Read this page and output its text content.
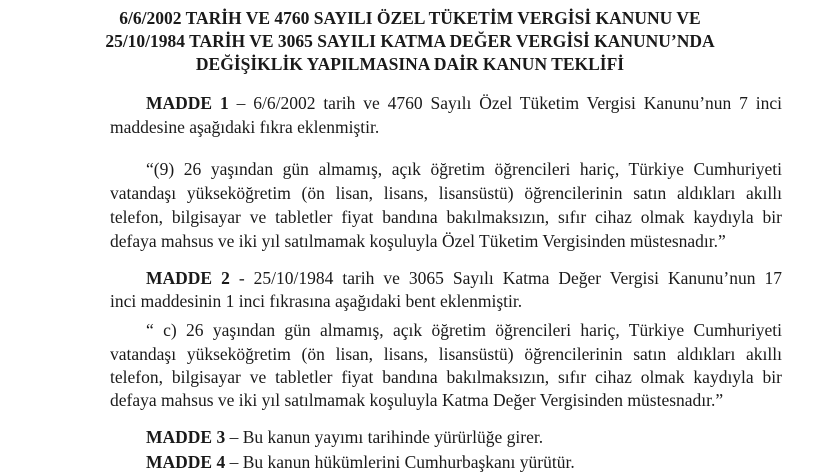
6/6/2002 TARİH VE 4760 SAYILI ÖZEL TÜKETİM VERGİSİ KANUNU VE
25/10/1984 TARİH VE 3065 SAYILI KATMA DEĞER VERGİSİ KANUNU’NDA
DEĞİŞİKLİK YAPILMASINA DAİR KANUN TEKLİFİ
MADDE 1 – 6/6/2002 tarih ve 4760 Sayılı Özel Tüketim Vergisi Kanunu’nun 7 inci
maddesine aşağıdaki fıkra eklenmiştir.
“(9) 26 yaşından gün almamış, açık öğretim öğrencileri hariç, Türkiye Cumhuriyeti
vatandaşı yükseköğretim (ön lisan, lisans, lisansüstü) öğrencilerinin satın aldıkları akıllı
telefon, bilgisayar ve tabletler fiyat bandına bakılmaksızın, sıfır cihaz olmak kaydıyla bir
defaya mahsus ve iki yıl satılmamak koşuluyla Özel Tüketim Vergisinden müstesnadır.”
MADDE 2 - 25/10/1984 tarih ve 3065 Sayılı Katma Değer Vergisi Kanunu’nun 17
inci maddesinin 1 inci fıkrasına aşağıdaki bent eklenmiştir.
“ c) 26 yaşından gün almamış, açık öğretim öğrencileri hariç, Türkiye Cumhuriyeti
vatandaşı yükseköğretim (ön lisan, lisans, lisansüstü) öğrencilerinin satın aldıkları akıllı
telefon, bilgisayar ve tabletler fiyat bandına bakılmaksızın, sıfır cihaz olmak kaydıyla bir
defaya mahsus ve iki yıl satılmamak koşuluyla Katma Değer Vergisinden müstesnadır.”
MADDE 3 – Bu kanun yayımı tarihinde yürürlüğe girer.
MADDE 4 – Bu kanun hükümlerini Cumhurbaşkanı yürütür.
